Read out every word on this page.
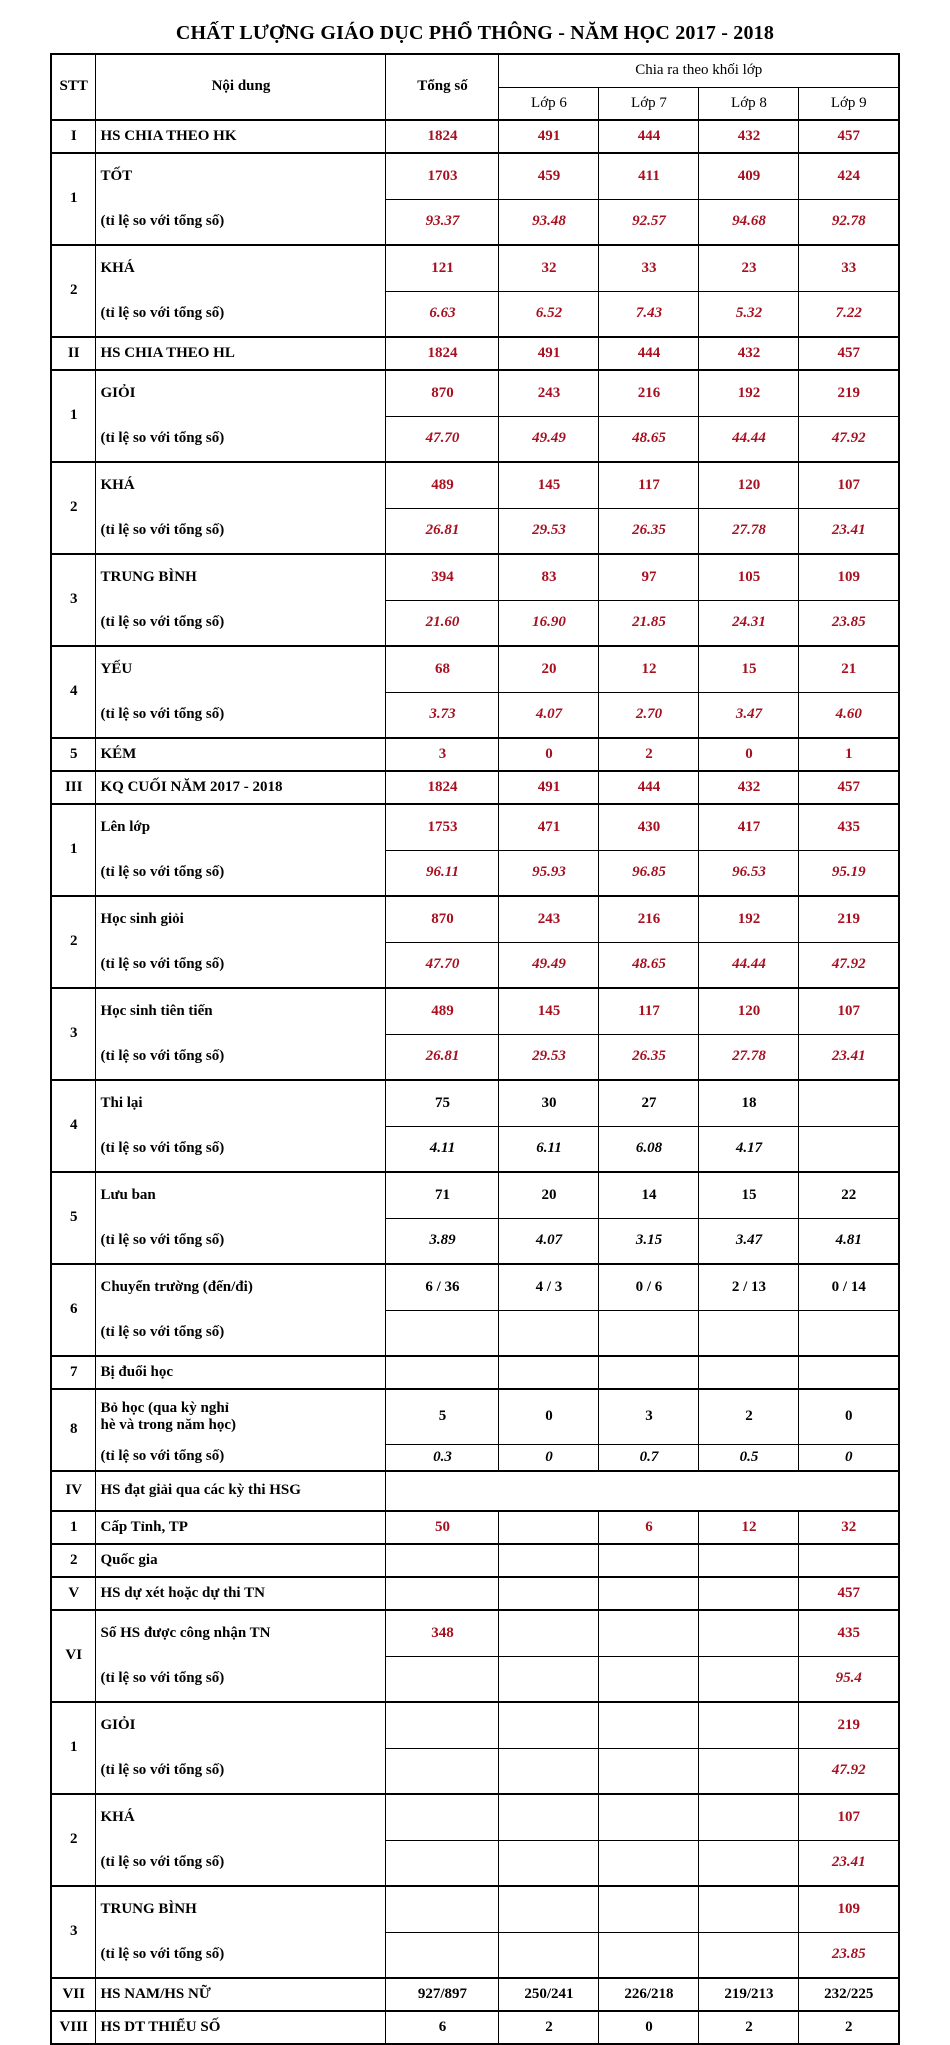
CHẤT LƯỢNG GIÁO DỤC PHỔ THÔNG - NĂM HỌC 2017 - 2018
STT	Nội dung	Tổng số	Chia ra theo khối lớp			
			Lớp 6	Lớp 7	Lớp 8	Lớp 9
I	HS CHIA THEO HK	1824	491	444	432	457
1	TỐT	1703	459	411	409	424
	(tỉ lệ so với tổng số)	93.37	93.48	92.57	94.68	92.78
2	KHÁ	121	32	33	23	33
	(tỉ lệ so với tổng số)	6.63	6.52	7.43	5.32	7.22
II	HS CHIA THEO HL	1824	491	444	432	457
1	GIỎI	870	243	216	192	219
	(tỉ lệ so với tổng số)	47.70	49.49	48.65	44.44	47.92
2	KHÁ	489	145	117	120	107
	(tỉ lệ so với tổng số)	26.81	29.53	26.35	27.78	23.41
3	TRUNG BÌNH	394	83	97	105	109
	(tỉ lệ so với tổng số)	21.60	16.90	21.85	24.31	23.85
4	YẾU	68	20	12	15	21
	(tỉ lệ so với tổng số)	3.73	4.07	2.70	3.47	4.60
5	KÉM	3	0	2	0	1
III	KQ CUỐI NĂM 2017 - 2018	1824	491	444	432	457
1	Lên lớp	1753	471	430	417	435
	(tỉ lệ so với tổng số)	96.11	95.93	96.85	96.53	95.19
2	Học sinh giỏi	870	243	216	192	219
	(tỉ lệ so với tổng số)	47.70	49.49	48.65	44.44	47.92
3	Học sinh tiên tiến	489	145	117	120	107
	(tỉ lệ so với tổng số)	26.81	29.53	26.35	27.78	23.41
4	Thi lại	75	30	27	18	
	(tỉ lệ so với tổng số)	4.11	6.11	6.08	4.17	
5	Lưu ban	71	20	14	15	22
	(tỉ lệ so với tổng số)	3.89	4.07	3.15	3.47	4.81
6	Chuyển trường (đến/đi)	6 / 36	4 / 3	0 / 6	2 / 13	0 / 14
	(tỉ lệ so với tổng số)					
7	Bị đuổi học					
8	Bỏ học (qua kỳ nghỉ
hè và trong năm học)	5	0	3	2	0
	(tỉ lệ so với tổng số)	0.3	0	0.7	0.5	0
IV	HS đạt giải qua các kỳ thi HSG					
1	Cấp Tỉnh, TP	50		6	12	32
2	Quốc gia					
V	HS dự xét hoặc dự thi TN					457
VI	Số HS được công nhận TN	348				435
	(tỉ lệ so với tổng số)					95.4
1	GIỎI					219
	(tỉ lệ so với tổng số)					47.92
2	KHÁ					107
	(tỉ lệ so với tổng số)					23.41
3	TRUNG BÌNH					109
	(tỉ lệ so với tổng số)					23.85
VII	HS NAM/HS NỮ	927/897	250/241	226/218	219/213	232/225
VIII	HS DT THIỂU SỐ	6	2	0	2	2
